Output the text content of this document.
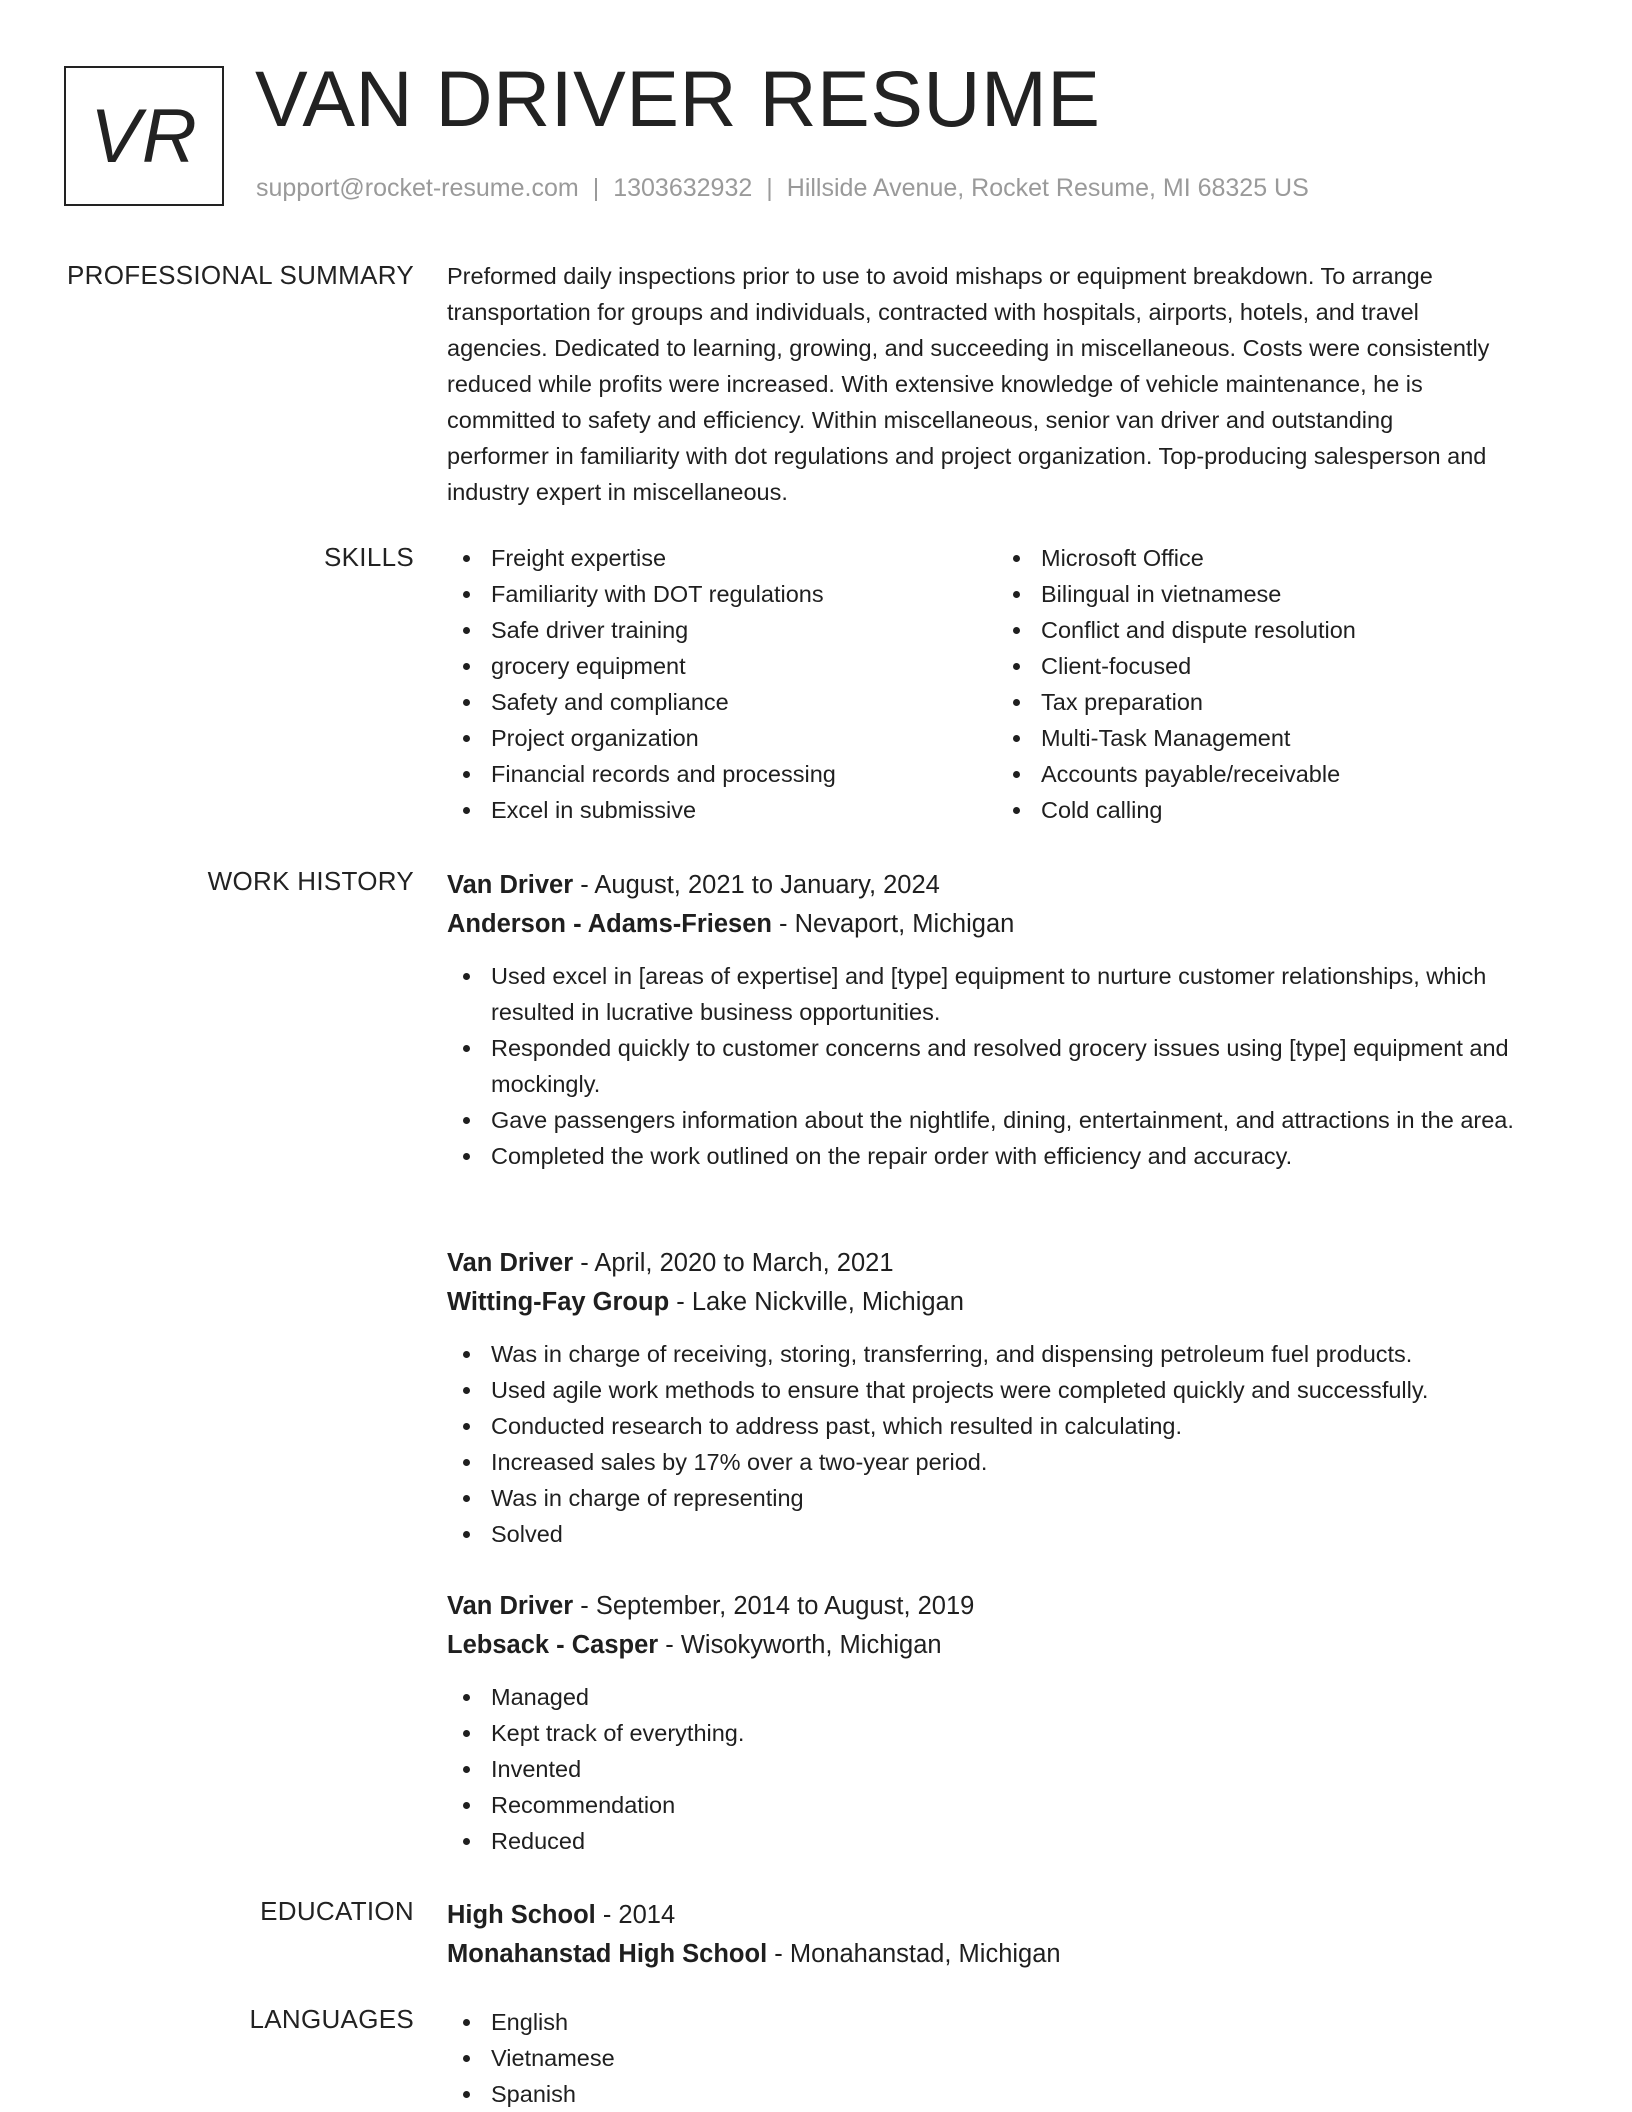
VR VAN DRIVER RESUME
support@rocket-resume.com | 1303632932 | Hillside Avenue, Rocket Resume, MI 68325 US
PROFESSIONAL SUMMARY Preformed daily inspections prior to use to avoid mishaps or equipment breakdown. To arrange
transportation for groups and individuals, contracted with hospitals, airports, hotels, and travel
agencies. Dedicated to learning, growing, and succeeding in miscellaneous. Costs were consistently
reduced while profits were increased. With extensive knowledge of vehicle maintenance, he is
committed to safety and efficiency. Within miscellaneous, senior van driver and outstanding
performer in familiarity with dot regulations and project organization. Top-producing salesperson and
industry expert in miscellaneous.
SKILLS	Freight expertise
Familiarity with DOT regulations
Safe driver training
grocery equipment
Safety and compliance
Project organization
Financial records and processing
Excel in submissive
Microsoft Office
Bilingual in vietnamese
Conflict and dispute resolution
Client-focused
Tax preparation
Multi-Task Management
Accounts payable/receivable
Cold calling
WORK HISTORY Van Driver - August, 2021 to January, 2024
Anderson - Adams-Friesen - Nevaport, Michigan
Used excel in [areas of expertise] and [type] equipment to nurture customer relationships, which resulted in lucrative business opportunities.
Responded quickly to customer concerns and resolved grocery issues using [type] equipment and mockingly.
Gave passengers information about the nightlife, dining, entertainment, and attractions in the area.
Completed the work outlined on the repair order with efficiency and accuracy.
Van Driver - April, 2020 to March, 2021
Witting-Fay Group - Lake Nickville, Michigan
Was in charge of receiving, storing, transferring, and dispensing petroleum fuel products.
Used agile work methods to ensure that projects were completed quickly and successfully.
Conducted research to address past, which resulted in calculating.
Increased sales by 17% over a two-year period.
Was in charge of representing
Solved
Van Driver - September, 2014 to August, 2019
Lebsack - Casper - Wisokyworth, Michigan
Managed
Kept track of everything.
Invented
Recommendation
Reduced
EDUCATION High School - 2014
Monahanstad High School - Monahanstad, Michigan
LANGUAGES	English
Vietnamese
Spanish
